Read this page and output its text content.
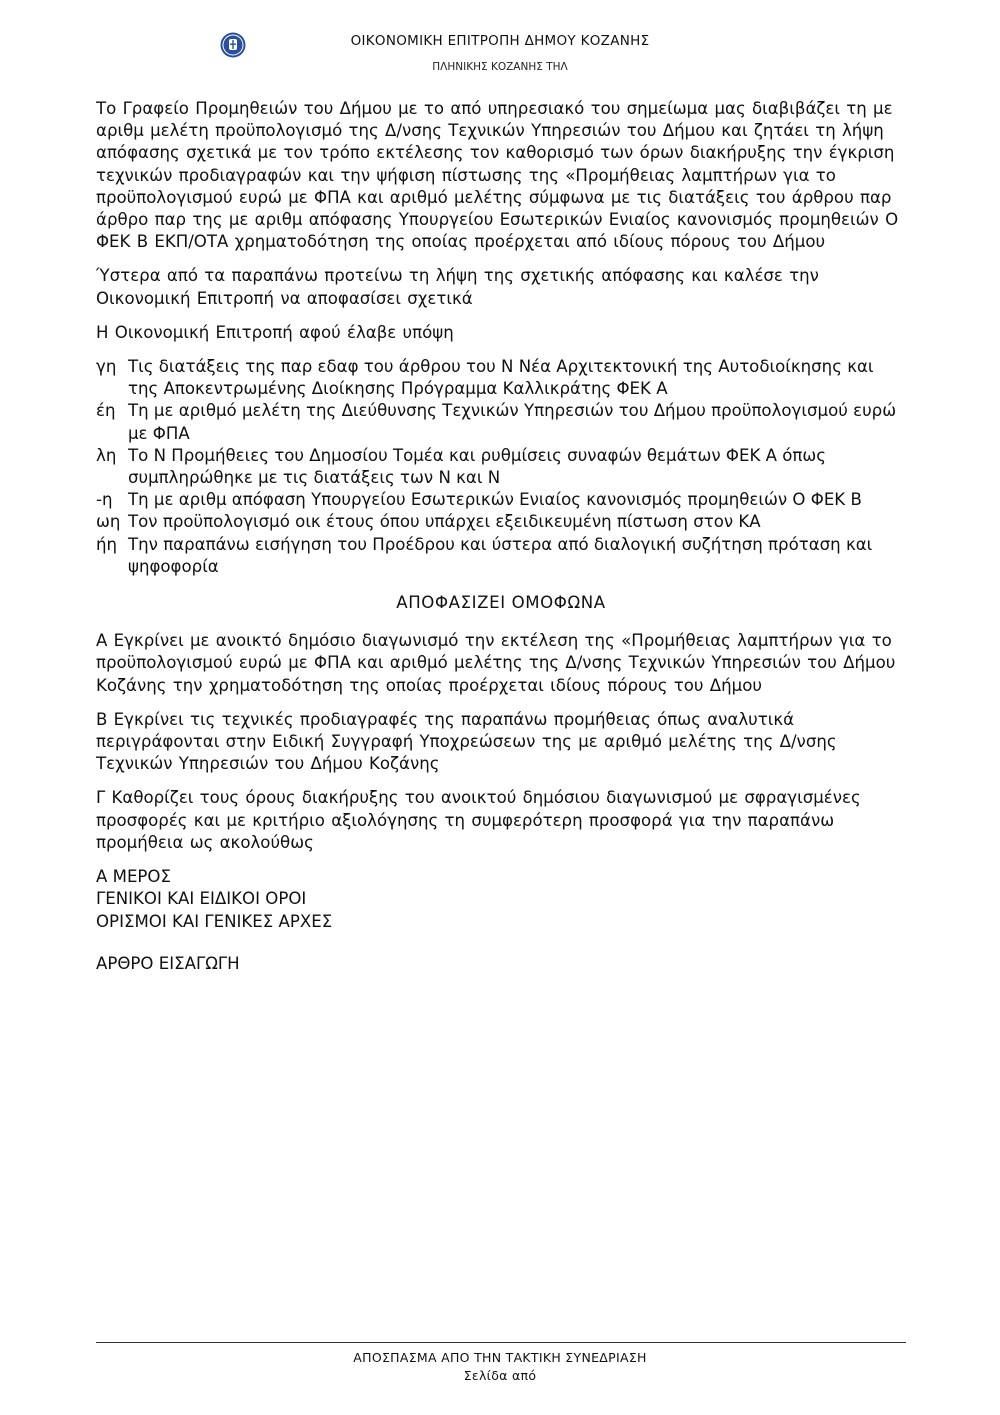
ΟΙΚΟΝΟΜΙΚΗ ΕΠΙΤΡΟΠΗ ΔΗΜΟΥ ΚΟΖΑΝΗΣ
ΠΛΗΝΙΚΗΣ ΚΟΖΑΝΗΣ ΤΗΛ

Το Γραφείο Προμηθειών του Δήμου με το από υπηρεσιακό του σημείωμα μας διαβιβάζει τη με αριθμ μελέτη προϋπολογισμό της Δ/νσης Τεχνικών Υπηρεσιών του Δήμου και ζητάει τη λήψη απόφασης σχετικά με τον τρόπο εκτέλεσης τον καθορισμό των όρων διακήρυξης την έγκριση τεχνικών προδιαγραφών και την ψήφιση πίστωσης της «Προμήθειας λαμπτήρων για το προϋπολογισμού ευρώ με ΦΠΑ και αριθμό μελέτης σύμφωνα με τις διατάξεις του άρθρου παρ άρθρο παρ της με αριθμ απόφασης Υπουργείου Εσωτερικών Ενιαίος κανονισμός προμηθειών Ο ΦΕΚ Β ΕΚΠ/ΟΤΑ χρηματοδότηση της οποίας προέρχεται από ιδίους πόρους του Δήμου

Ύστερα από τα παραπάνω προτείνω τη λήψη της σχετικής απόφασης και καλέσε την Οικονομική Επιτροπή να αποφασίσει σχετικά

Η Οικονομική Επιτροπή αφού έλαβε υπόψη

γη Τις διατάξεις της παρ εδαφ του άρθρου του Ν Νέα Αρχιτεκτονική της Αυτοδιοίκησης και της Αποκεντρωμένης Διοίκησης Πρόγραμμα Καλλικράτης ΦΕΚ Α
έη Τη με αριθμό μελέτη της Διεύθυνσης Τεχνικών Υπηρεσιών του Δήμου προϋπολογισμού ευρώ με ΦΠΑ
λη Το Ν Προμήθειες του Δημοσίου Τομέα και ρυθμίσεις συναφών θεμάτων ΦΕΚ Α όπως συμπληρώθηκε με τις διατάξεις των Ν και Ν
-η Τη με αριθμ απόφαση Υπουργείου Εσωτερικών Ενιαίος κανονισμός προμηθειών Ο ΦΕΚ Β
ωη Τον προϋπολογισμό οικ έτους όπου υπάρχει εξειδικευμένη πίστωση στον ΚΑ
ήη Την παραπάνω εισήγηση του Προέδρου και ύστερα από διαλογική συζήτηση πρόταση και ψηφοφορία
ΑΠΟΦΑΣΙΖΕΙ ΟΜΟΦΩΝΑ

Α Εγκρίνει με ανοικτό δημόσιο διαγωνισμό την εκτέλεση της «Προμήθειας λαμπτήρων για το προϋπολογισμού ευρώ με ΦΠΑ και αριθμό μελέτης της Δ/νσης Τεχνικών Υπηρεσιών του Δήμου Κοζάνης την χρηματοδότηση της οποίας προέρχεται ιδίους πόρους του Δήμου

Β Εγκρίνει τις τεχνικές προδιαγραφές της παραπάνω προμήθειας όπως αναλυτικά περιγράφονται στην Ειδική Συγγραφή Υποχρεώσεων της με αριθμό μελέτης της Δ/νσης Τεχνικών Υπηρεσιών του Δήμου Κοζάνης

Γ Καθορίζει τους όρους διακήρυξης του ανοικτού δημόσιου διαγωνισμού με σφραγισμένες προσφορές και με κριτήριο αξιολόγησης τη συμφερότερη προσφορά για την παραπάνω προμήθεια ως ακολούθως

Α ΜΕΡΟΣ
ΓΕΝΙΚΟΙ ΚΑΙ ΕΙΔΙΚΟΙ ΟΡΟΙ
ΟΡΙΣΜΟΙ ΚΑΙ ΓΕΝΙΚΕΣ ΑΡΧΕΣ
ΑΡΘΡΟ ΕΙΣΑΓΩΓΗ
ΑΠΟΣΠΑΣΜΑ ΑΠΟ ΤΗΝ ΤΑΚΤΙΚΗ ΣΥΝΕΔΡΙΑΣΗ
Σελίδα από
